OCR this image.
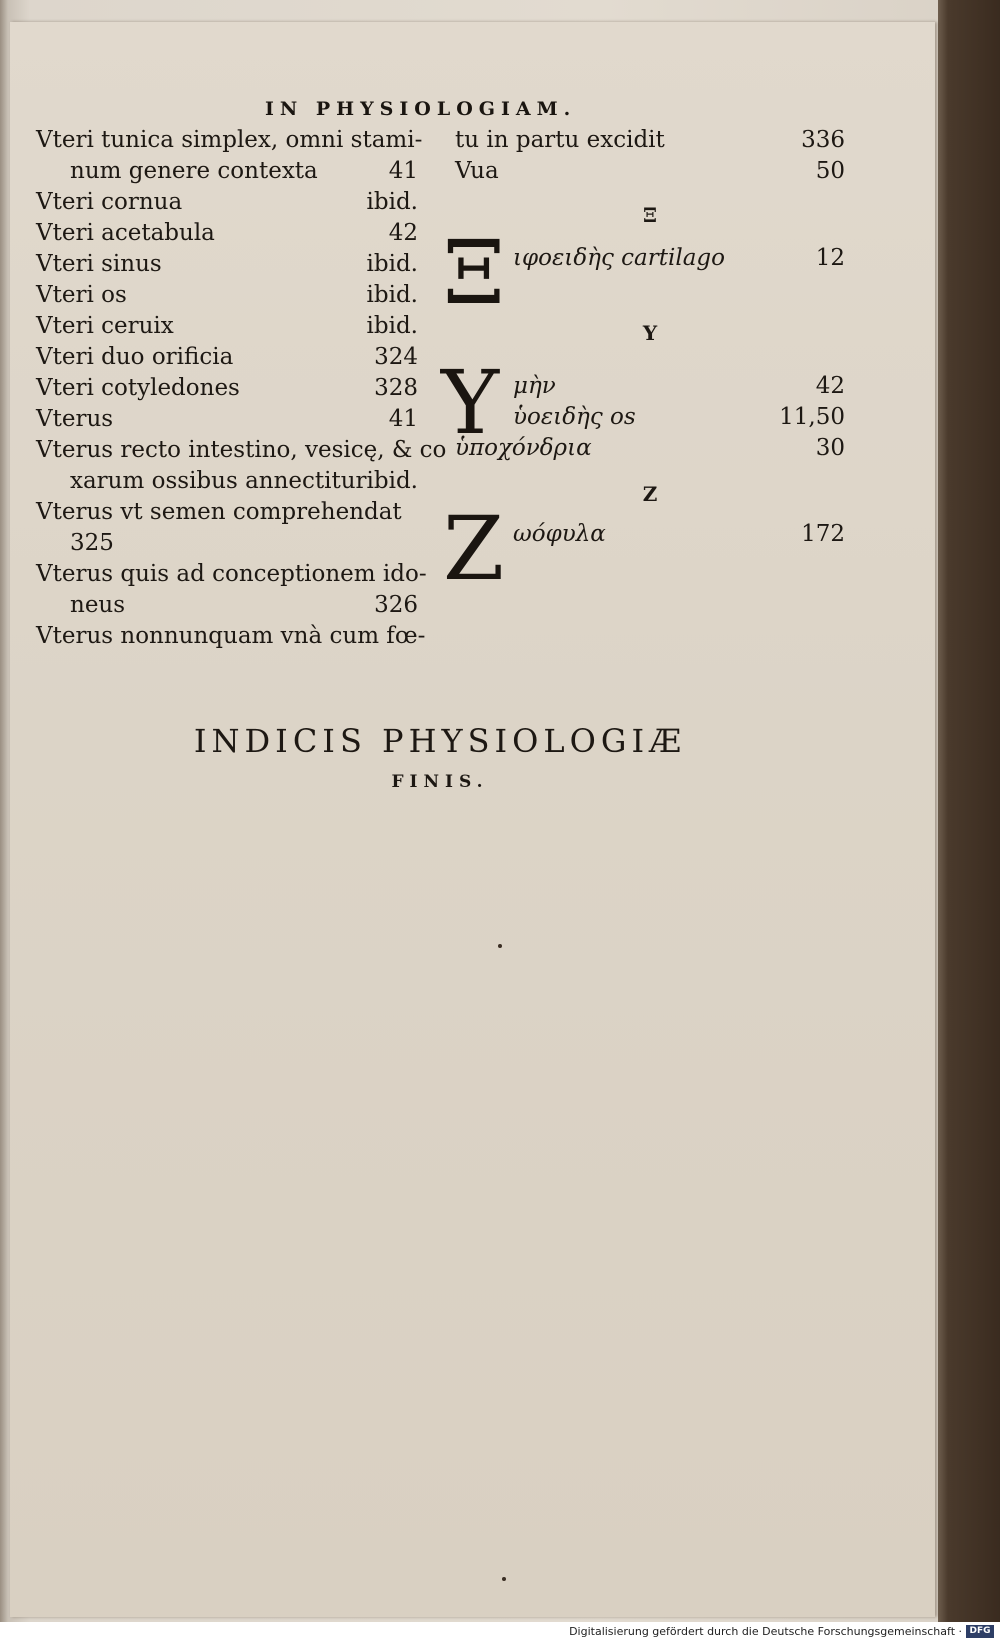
IN PHYSIOLOGIAM.
Vteri tunica simplex, omni stami-
num genere contexta	41
Vteri cornua	ibid.
Vteri acetabula	42
Vteri sinus	ibid.
Vteri os	ibid.
Vteri ceruix	ibid.
Vteri duo orificia	324
Vteri cotyledones	328
Vterus	41
Vterus recto intestino, vesicę, & co
xarum ossibus annectitur ibid.
Vterus vt semen comprehendat
325
Vterus quis ad conceptionem ido-
neus	326
Vterus nonnunquam vnà cum fœ-
tu in partu excidit	336
Vua	50
Ξ
Ξ ιφοειδὴς cartilago	12
Υ
Υ μὴν	42
ὑοειδὴς os	11,50
ὑποχόνδρια	30
Z
Z ωόφυλα	172
INDICIS PHYSIOLOGIÆ
FINIS.
Digitalisierung gefördert durch die Deutsche Forschungsgemeinschaft · DFG
